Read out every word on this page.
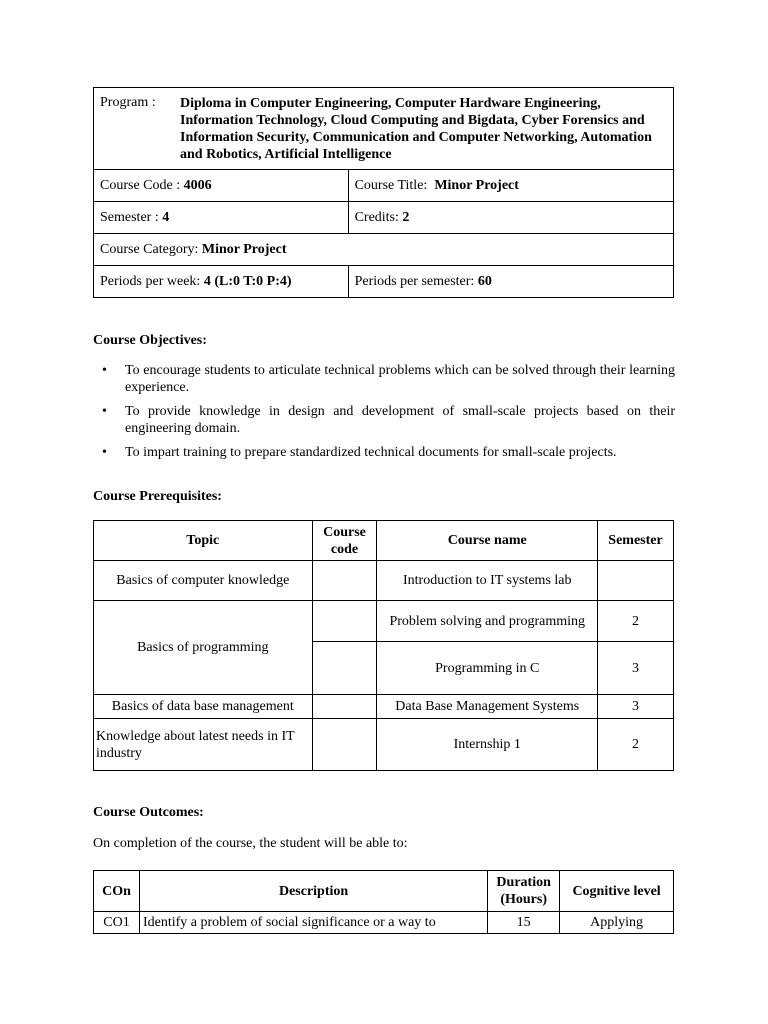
Program : Diploma in Computer Engineering, Computer Hardware Engineering, Information Technology, Cloud Computing and Bigdata, Cyber Forensics and Information Security, Communication and Computer Networking, Automation and Robotics, Artificial Intelligence	

Course Code : 4006	Course Title: Minor Project
Semester : 4	Credits: 2
Course Category: Minor Project	
Periods per week: 4 (L:0 T:0 P:4)	Periods per semester: 60
Course Objectives:
• To encourage students to articulate technical problems which can be solved through their learning experience.
• To provide knowledge in design and development of small-scale projects based on their engineering domain.
• To impart training to prepare standardized technical documents for small-scale projects.
Course Prerequisites:
Topic	Course code	Course name	Semester
Basics of computer knowledge		Introduction to IT systems lab	
Basics of programming		Problem solving and programming	2
		Programming in C	3
Basics of data base management		Data Base Management Systems	3
Knowledge about latest needs in IT industry		Internship 1	2
Course Outcomes:
On completion of the course, the student will be able to:
COn	Description	Duration (Hours)	Cognitive level
CO1	Identify a problem of social significance or a way to	15	Applying
